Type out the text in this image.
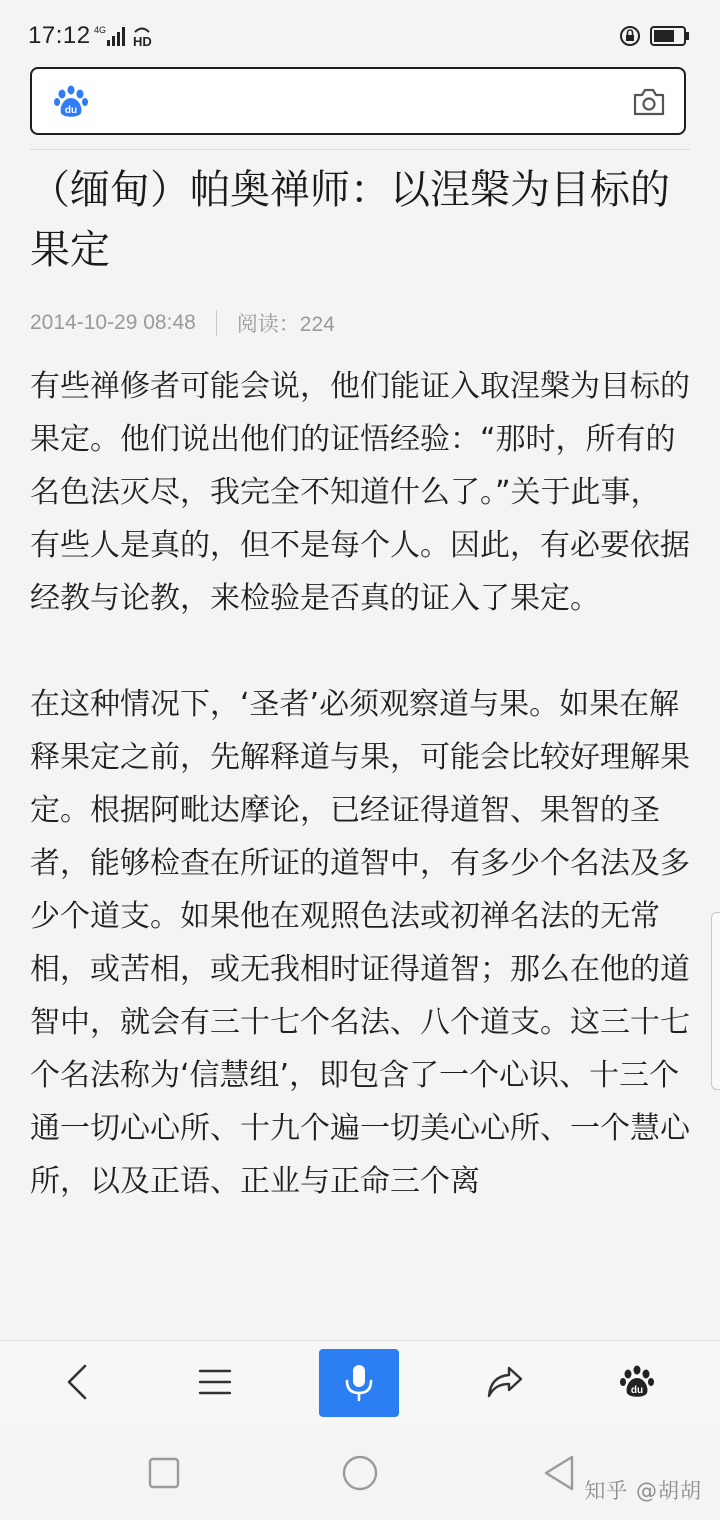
17:12 4G
HD
du
（缅甸）帕奥禅师：以涅槃为目标的果定
2014-10-29 08:48 阅读：224

有些禅修者可能会说，他们能证入取涅槃为目标的果定。他们说出他们的证悟经验：“那时，所有的名色法灭尽，我完全不知道什么了。”关于此事，有些人是真的，但不是每个人。因此，有必要依据经教与论教，来检验是否真的证入了果定。

在这种情况下，‘圣者’必须观察道与果。如果在解释果定之前，先解释道与果，可能会比较好理解果定。根据阿毗达摩论，已经证得道智、果智的圣者，能够检查在所证的道智中，有多少个名法及多少个道支。如果他在观照色法或初禅名法的无常相，或苦相，或无我相时证得道智；那么在他的道智中，就会有三十七个名法、八个道支。这三十七个名法称为‘信慧组’，即包含了一个心识、十三个通一切心心所、十九个遍一切美心心所、一个慧心所，以及正语、正业与正命三个离

du
知乎 @胡胡
